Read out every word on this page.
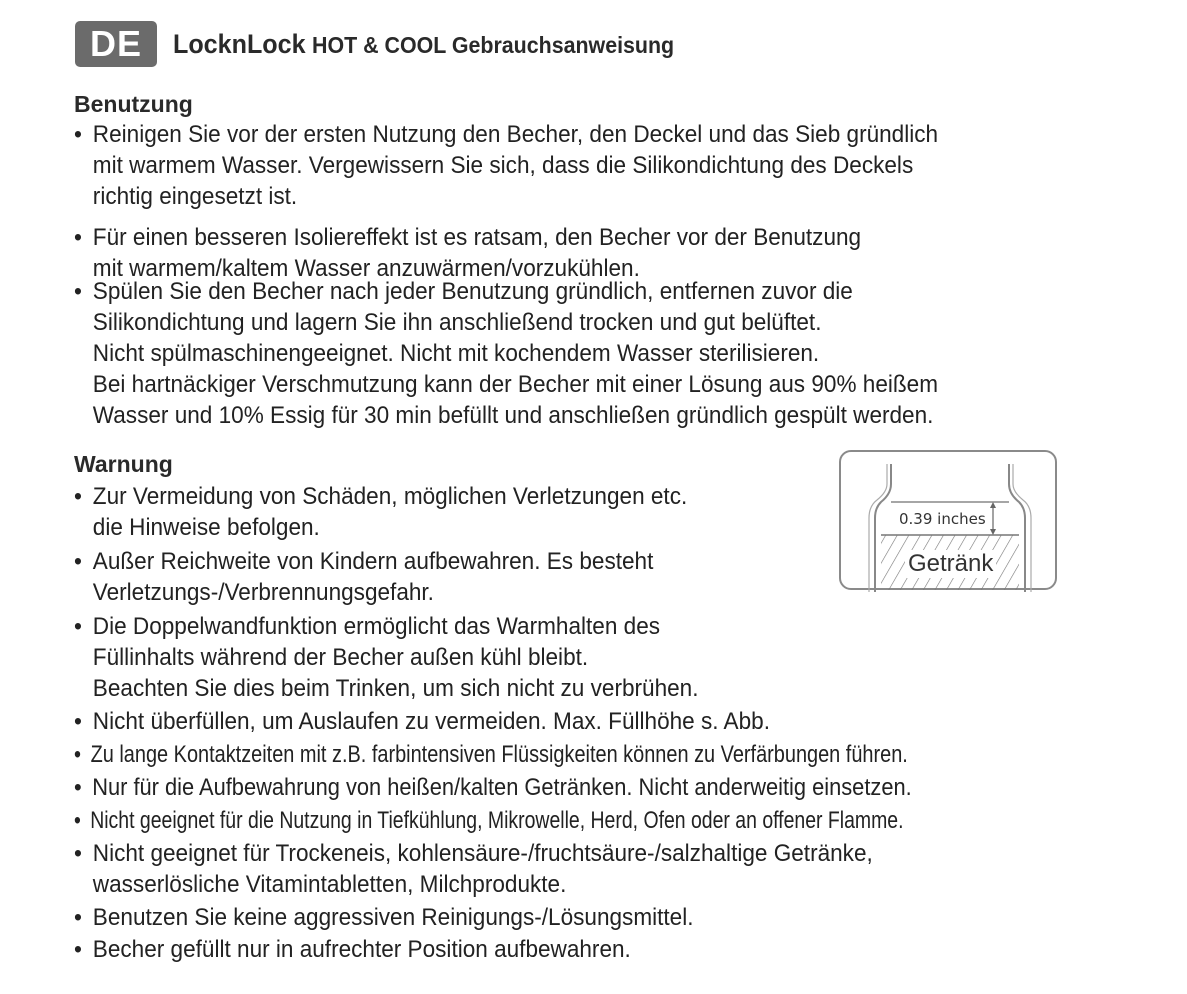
DE	LocknLock HOT & COOL Gebrauchsanweisung
Benutzung
• Reinigen Sie vor der ersten Nutzung den Becher, den Deckel und das Sieb gründlich
mit warmem Wasser. Vergewissern Sie sich, dass die Silikondichtung des Deckels
richtig eingesetzt ist.
• Für einen besseren Isoliereffekt ist es ratsam, den Becher vor der Benutzung
mit warmem/kaltem Wasser anzuwärmen/vorzukühlen.
• Spülen Sie den Becher nach jeder Benutzung gründlich, entfernen zuvor die
Silikondichtung und lagern Sie ihn anschließend trocken und gut belüftet.
Nicht spülmaschinengeeignet. Nicht mit kochendem Wasser sterilisieren.
Bei hartnäckiger Verschmutzung kann der Becher mit einer Lösung aus 90% heißem
Wasser und 10% Essig für 30 min befüllt und anschließen gründlich gespült werden.
Warnung
• Zur Vermeidung von Schäden, möglichen Verletzungen etc.
die Hinweise befolgen.
• Außer Reichweite von Kindern aufbewahren. Es besteht
Verletzungs-/Verbrennungsgefahr.
• Die Doppelwandfunktion ermöglicht das Warmhalten des
Füllinhalts während der Becher außen kühl bleibt.
Beachten Sie dies beim Trinken, um sich nicht zu verbrühen.
• Nicht überfüllen, um Auslaufen zu vermeiden. Max. Füllhöhe s. Abb.
• Zu lange Kontaktzeiten mit z.B. farbintensiven Flüssigkeiten können zu Verfärbungen führen.
• Nur für die Aufbewahrung von heißen/kalten Getränken. Nicht anderweitig einsetzen.
• Nicht geeignet für die Nutzung in Tiefkühlung, Mikrowelle, Herd, Ofen oder an offener Flamme.
• Nicht geeignet für Trockeneis, kohlensäure-/fruchtsäure-/salzhaltige Getränke,
wasserlösliche Vitamintabletten, Milchprodukte.
• Benutzen Sie keine aggressiven Reinigungs-/Lösungsmittel.
• Becher gefüllt nur in aufrechter Position aufbewahren.
0.39 inches
Getränk
